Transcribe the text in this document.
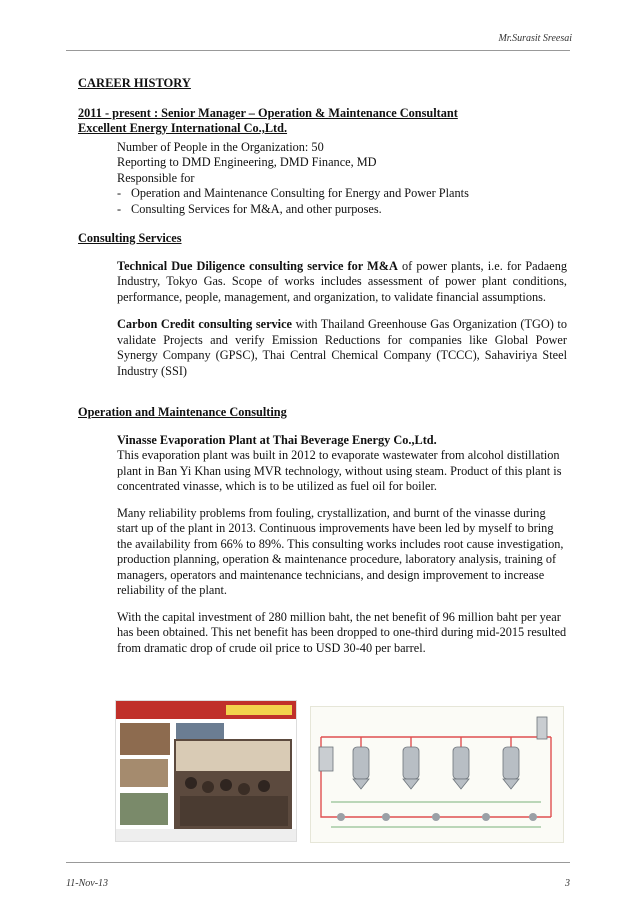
Mr.Surasit Sreesai
CAREER HISTORY
2011 - present : Senior Manager – Operation & Maintenance Consultant
Excellent Energy International Co.,Ltd.
Number of People in the Organization: 50
Reporting to DMD Engineering, DMD Finance, MD
Responsible for
- Operation and Maintenance Consulting for Energy and Power Plants
- Consulting Services for M&A, and other purposes.
Consulting Services
Technical Due Diligence consulting service for M&A of power plants, i.e. for Padaeng Industry, Tokyo Gas. Scope of works includes assessment of power plant conditions, performance, people, management, and organization, to validate financial assumptions.
Carbon Credit consulting service with Thailand Greenhouse Gas Organization (TGO) to validate Projects and verify Emission Reductions for companies like Global Power Synergy Company (GPSC), Thai Central Chemical Company (TCCC), Sahaviriya Steel Industry (SSI)
Operation and Maintenance Consulting
Vinasse Evaporation Plant at Thai Beverage Energy Co.,Ltd.
This evaporation plant was built in 2012 to evaporate wastewater from alcohol distillation plant in Ban Yi Khan using MVR technology, without using steam. Product of this plant is concentrated vinasse, which is to be utilized as fuel oil for boiler.
Many reliability problems from fouling, crystallization, and burnt of the vinasse during start up of the plant in 2013. Continuous improvements have been led by myself to bring the availability from 66% to 89%. This consulting works includes root cause investigation, production planning, operation & maintenance procedure, laboratory analysis, training of managers, operators and maintenance technicians, and design improvement to increase reliability of the plant.
With the capital investment of 280 million baht, the net benefit of 96 million baht per year has been obtained. This net benefit has been dropped to one-third during mid-2015 resulted from dramatic drop of crude oil price to USD 30-40 per barrel.
11-Nov-13	3
